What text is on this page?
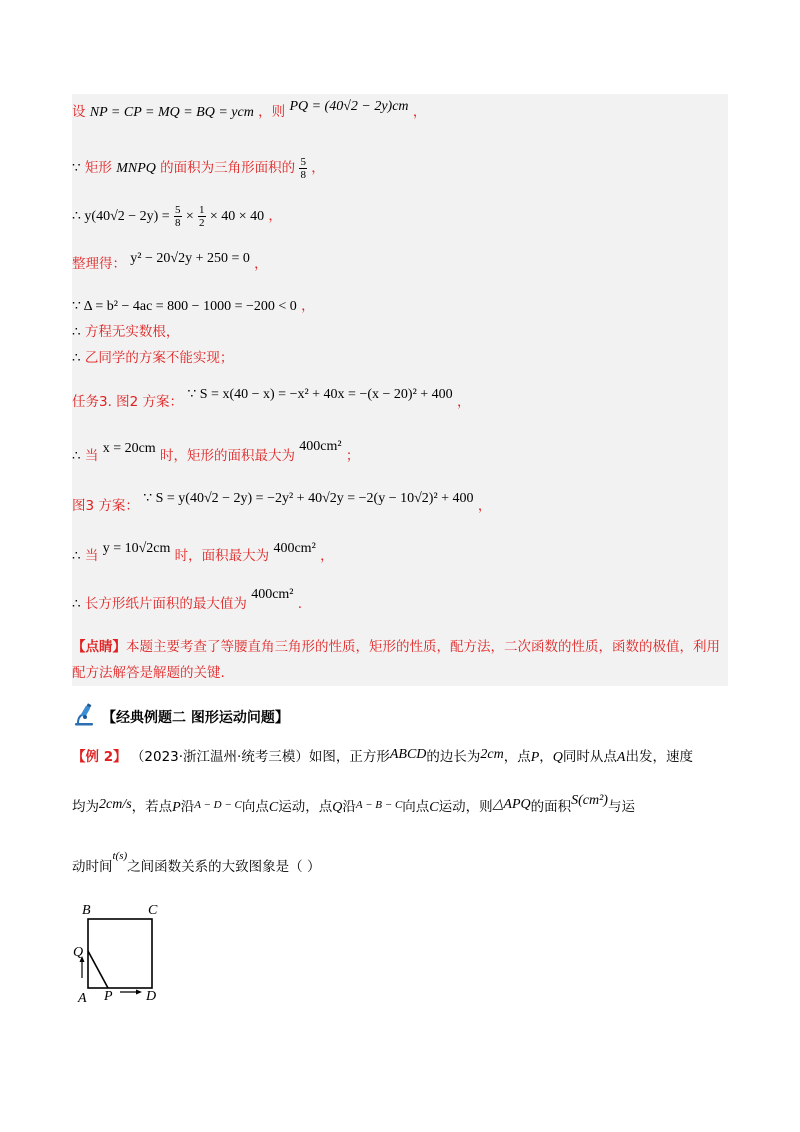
设 NP = CP = MQ = BQ = ycm ，则 PQ = (40√2 − 2y)cm ，
∵ 矩形 MNPQ 的面积为三角形面积的 $\frac{5}{8}$ ，
∴ $y(40√2 - 2y) = \frac{5}{8} \times \frac{1}{2} \times 40 \times 40$ ，
整理得： y² − 20√2y + 250 = 0 ，
∵ Δ = b² − 4ac = 800 − 1000 = −200 < 0 ，
∴ 方程无实数根，
∴ 乙同学的方案不能实现；
任务3. 图2 方案： ∵ S = x(40 − x) = −x² + 40x = −(x − 20)² + 400 ，
∴ 当 x = 20cm 时，矩形的面积最大为 400cm² ；
图3 方案： ∵ S = y(40√2 − 2y) = −2y² + 40√2y = −2(y − 10√2)² + 400 ，
∴ 当 y = 10√2cm 时，面积最大为 400cm² ，
∴ 长方形纸片面积的最大值为 400cm² .
【点睛】本题主要考查了等腰直角三角形的性质，矩形的性质，配方法，二次函数的性质，函数的极值，利用配方法解答是解题的关键.
【经典例题二 图形运动问题】
【例 2】 （2023·浙江温州·统考三模）如图，正方形ABCD的边长为2cm，点P，Q同时从点A出发，速度
均为2cm/s，若点P沿$^{A - D - C}$向点C运动，点Q沿$^{A - B - C}$向点C运动，则△APQ的面积S(cm²)与运
动时间$^{t(s)}$之间函数关系的大致图象是（ ）
B	C
Q
A P D
